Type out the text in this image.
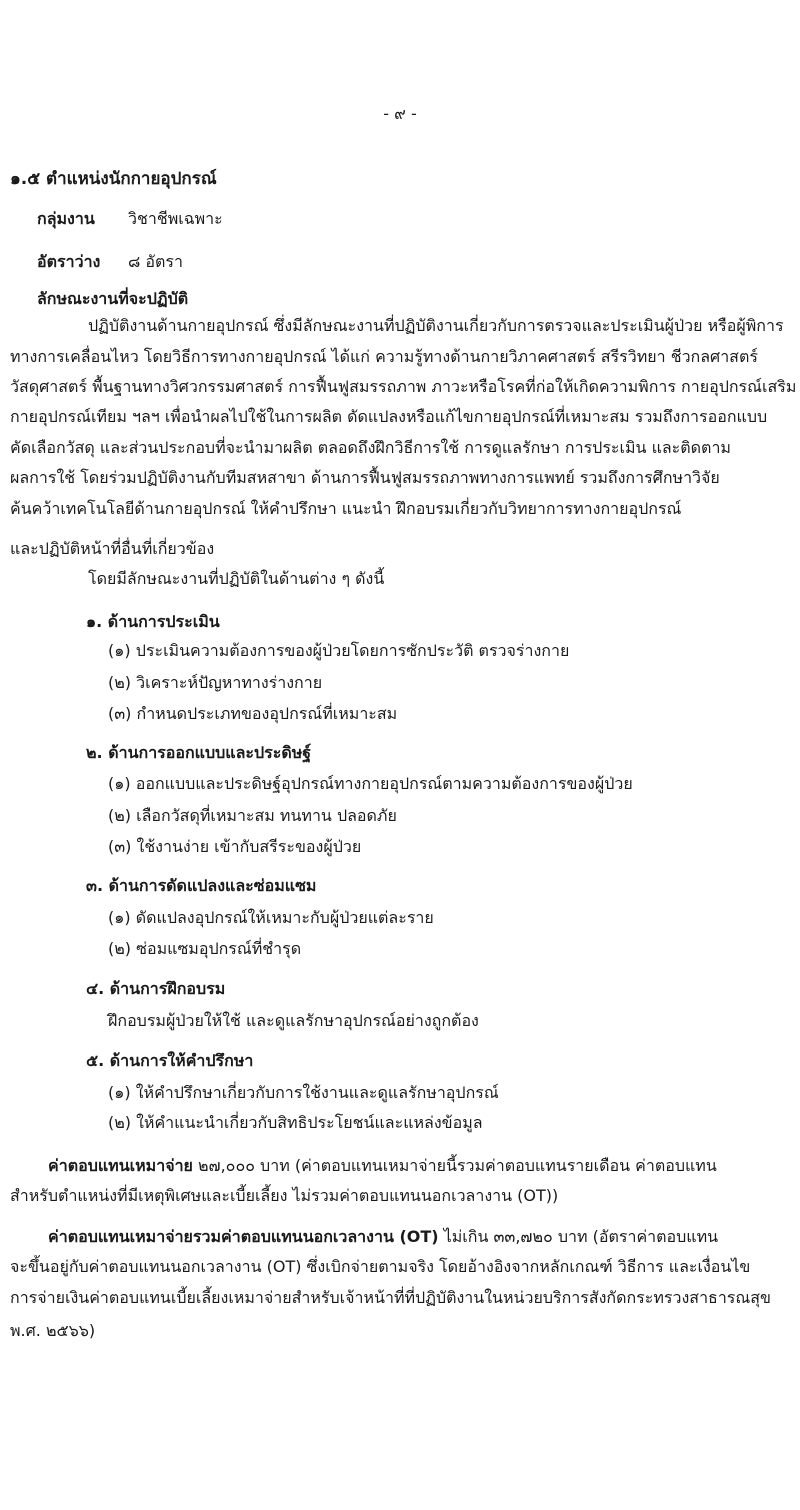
- ๙ -
๑.๕ ตำแหน่งนักกายอุปกรณ์
กลุ่มงาน วิชาชีพเฉพาะ
อัตราว่าง ๘ อัตรา
ลักษณะงานที่จะปฏิบัติ
ปฏิบัติงานด้านกายอุปกรณ์ ซึ่งมีลักษณะงานที่ปฏิบัติงานเกี่ยวกับการตรวจและประเมินผู้ป่วย หรือผู้พิการ
ทางการเคลื่อนไหว โดยวิธีการทางกายอุปกรณ์ ได้แก่ ความรู้ทางด้านกายวิภาคศาสตร์ สรีรวิทยา ชีวกลศาสตร์
วัสดุศาสตร์ พื้นฐานทางวิศวกรรมศาสตร์ การฟื้นฟูสมรรถภาพ ภาวะหรือโรคที่ก่อให้เกิดความพิการ กายอุปกรณ์เสริม
กายอุปกรณ์เทียม ฯลฯ เพื่อนำผลไปใช้ในการผลิต ดัดแปลงหรือแก้ไขกายอุปกรณ์ที่เหมาะสม รวมถึงการออกแบบ
คัดเลือกวัสดุ และส่วนประกอบที่จะนำมาผลิต ตลอดถึงฝึกวิธีการใช้ การดูแลรักษา การประเมิน และติดตาม
ผลการใช้ โดยร่วมปฏิบัติงานกับทีมสหสาขา ด้านการฟื้นฟูสมรรถภาพทางการแพทย์ รวมถึงการศึกษาวิจัย
ค้นคว้าเทคโนโลยีด้านกายอุปกรณ์ ให้คำปรึกษา แนะนำ ฝึกอบรมเกี่ยวกับวิทยาการทางกายอุปกรณ์
และปฏิบัติหน้าที่อื่นที่เกี่ยวข้อง
โดยมีลักษณะงานที่ปฏิบัติในด้านต่าง ๆ ดังนี้
๑. ด้านการประเมิน
(๑) ประเมินความต้องการของผู้ป่วยโดยการซักประวัติ ตรวจร่างกาย
(๒) วิเคราะห์ปัญหาทางร่างกาย
(๓) กำหนดประเภทของอุปกรณ์ที่เหมาะสม
๒. ด้านการออกแบบและประดิษฐ์
(๑) ออกแบบและประดิษฐ์อุปกรณ์ทางกายอุปกรณ์ตามความต้องการของผู้ป่วย
(๒) เลือกวัสดุที่เหมาะสม ทนทาน ปลอดภัย
(๓) ใช้งานง่าย เข้ากับสรีระของผู้ป่วย
๓. ด้านการดัดแปลงและซ่อมแซม
(๑) ดัดแปลงอุปกรณ์ให้เหมาะกับผู้ป่วยแต่ละราย
(๒) ซ่อมแซมอุปกรณ์ที่ชำรุด
๔. ด้านการฝึกอบรม
ฝึกอบรมผู้ป่วยให้ใช้ และดูแลรักษาอุปกรณ์อย่างถูกต้อง
๕. ด้านการให้คำปรึกษา
(๑) ให้คำปรึกษาเกี่ยวกับการใช้งานและดูแลรักษาอุปกรณ์
(๒) ให้คำแนะนำเกี่ยวกับสิทธิประโยชน์และแหล่งข้อมูล
ค่าตอบแทนเหมาจ่าย ๒๗,๐๐๐ บาท (ค่าตอบแทนเหมาจ่ายนี้รวมค่าตอบแทนรายเดือน ค่าตอบแทน
สำหรับตำแหน่งที่มีเหตุพิเศษและเบี้ยเลี้ยง ไม่รวมค่าตอบแทนนอกเวลางาน (OT))
ค่าตอบแทนเหมาจ่ายรวมค่าตอบแทนนอกเวลางาน (OT) ไม่เกิน ๓๓,๗๒๐ บาท (อัตราค่าตอบแทน
จะขึ้นอยู่กับค่าตอบแทนนอกเวลางาน (OT) ซึ่งเบิกจ่ายตามจริง โดยอ้างอิงจากหลักเกณฑ์ วิธีการ และเงื่อนไข
การจ่ายเงินค่าตอบแทนเบี้ยเลี้ยงเหมาจ่ายสำหรับเจ้าหน้าที่ที่ปฏิบัติงานในหน่วยบริการสังกัดกระทรวงสาธารณสุข
พ.ศ. ๒๕๖๖)
